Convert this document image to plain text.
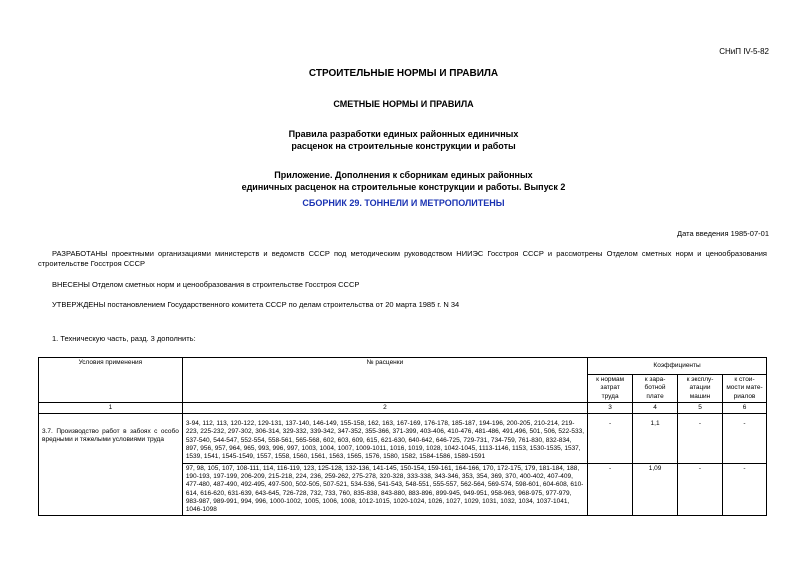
СНиП IV-5-82
СТРОИТЕЛЬНЫЕ НОРМЫ И ПРАВИЛА
СМЕТНЫЕ НОРМЫ И ПРАВИЛА
Правила разработки единых районных единичных
расценок на строительные конструкции и работы
Приложение. Дополнения к сборникам единых районных
единичных расценок на строительные конструкции и работы. Выпуск 2
СБОРНИК 29. ТОННЕЛИ И МЕТРОПОЛИТЕНЫ
Дата введения 1985-07-01
РАЗРАБОТАНЫ проектными организациями министерств и ведомств СССР под методическим руководством НИИЭС Госстроя СССР и рассмотрены Отделом сметных норм и ценообразования строительстве Госстроя СССР
ВНЕСЕНЫ Отделом сметных норм и ценообразования в строительстве Госстроя СССР
УТВЕРЖДЕНЫ постановлением Государственного комитета СССР по делам строительства от 20 марта 1985 г. N 34
1. Техническую часть, разд. 3 дополнить:
Условия применения	№ расценки	Коэффициенты			
		к нормам затрат труда	к зара-ботной плате	к эксплу-атации машин	к стои-мости мате-риалов
1	2	3	4	5	6
3.7. Производство работ в забоях с особо вредными и тяжелыми условиями труда	3-94, 112, 113, 120-122, 129-131, 137-140, 146-149, 155-158, 162, 163, 167-169, 176-178, 185-187, 194-196, 200-205, 210-214, 219-223, 225-232, 297-302, 306-314, 329-332, 339-342, 347-352, 355-366, 371-399, 403-406, 410-476, 481-486, 491,496, 501, 506, 522-533, 537-540, 544-547, 552-554, 558-561, 565-568, 602, 603, 609, 615, 621-630, 640-642, 646-725, 729-731, 734-759, 761-830, 832-834, 897, 956, 957, 964, 965, 993, 996, 997, 1003, 1004, 1007, 1009-1011, 1016, 1019, 1028, 1042-1045, 1113-1146, 1153, 1530-1535, 1537, 1539, 1541, 1545-1549, 1557, 1558, 1560, 1561, 1563, 1565, 1576, 1580, 1582, 1584-1586, 1589-1591	-	1,1	-	-
	97, 98, 105, 107, 108-111, 114, 116-119, 123, 125-128, 132-136, 141-145, 150-154, 159-161, 164-166, 170, 172-175, 179, 181-184, 188, 190-193, 197-199, 206-209, 215-218, 224, 236, 259-262, 275-278, 320-328, 333-338, 343-346, 353, 354, 369, 370, 400-402, 407-409, 477-480, 487-490, 492-495, 497-500, 502-505, 507-521, 534-536, 541-543, 548-551, 555-557, 562-564, 569-574, 598-601, 604-608, 610-614, 616-620, 631-639, 643-645, 726-728, 732, 733, 760, 835-838, 843-880, 883-896, 899-945, 949-951, 958-963, 968-975, 977-979, 983-987, 989-991, 994, 996, 1000-1002, 1005, 1006, 1008, 1012-1015, 1020-1024, 1026, 1027, 1029, 1031, 1032, 1034, 1037-1041, 1046-1098	-	1,09	-	-
